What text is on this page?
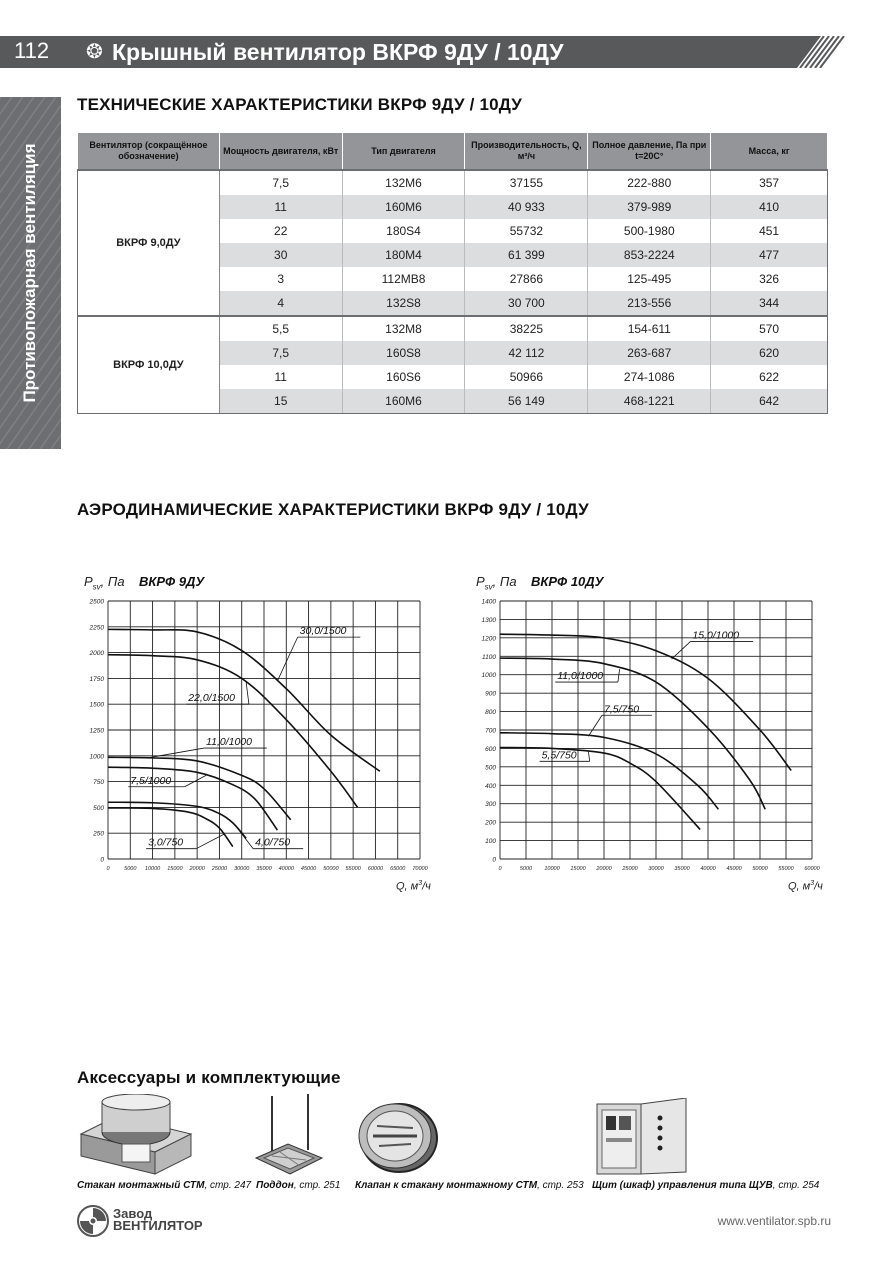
112 ❂ Крышный вентилятор ВКРФ 9ДУ / 10ДУ
Противопожарная вентиляция
ТЕХНИЧЕСКИЕ ХАРАКТЕРИСТИКИ ВКРФ 9ДУ / 10ДУ
Вентилятор (сокращённое обозначение)	Мощность двигателя, кВт	Тип двигателя	Производительность, Q, м³/ч	Полное давление, Па при t=20С°	Масса, кг
ВКРФ 9,0ДУ	7,5	132M6	37155	222-880	357
	11	160M6	40 933	379-989	410
	22	180S4	55732	500-1980	451
	30	180M4	61 399	853-2224	477
	3	112MB8	27866	125-495	326
	4	132S8	30 700	213-556	344
ВКРФ 10,0ДУ	5,5	132M8	38225	154-611	570
	7,5	160S8	42 112	263-687	620
	11	160S6	50966	274-1086	622
	15	160M6	56 149	468-1221	642
АЭРОДИНАМИЧЕСКИЕ ХАРАКТЕРИСТИКИ ВКРФ 9ДУ / 10ДУ
$P_{sv}$, Па ВКРФ 9ДУ
0
250
500
750
1000
1250
1500
1750
2000
2250
2500
0	5000 10000 15000 20000 25000 30000 35000 40000 45000 50000 55000 60000 65000 70000
30,0/1500
22,0/1500
11,0/1000
7,5/1000
4,0/750
3,0/750
Q, $м^3/ч$
$P_{sv}$, Па ВКРФ 10ДУ
0
100
200
300
400
500
600
700
800
900
1000
1100
1200
1300
1400
0	5000 10000 15000 20000 25000 30000 35000 40000 45000 50000 55000 60000
15,0/1000
11,0/1000
7,5/750
5,5/750
Q, $м^3/ч$
Аксессуары и комплектующие
Стакан монтажный СТМ, стр. 247 Поддон, стр. 251 Клапан к стакану монтажному СТМ, стр. 253 Щит (шкаф) управления типа ЩУВ, стр. 254
Завод
ВЕНТИЛЯТОР	www.ventilator.spb.ru
